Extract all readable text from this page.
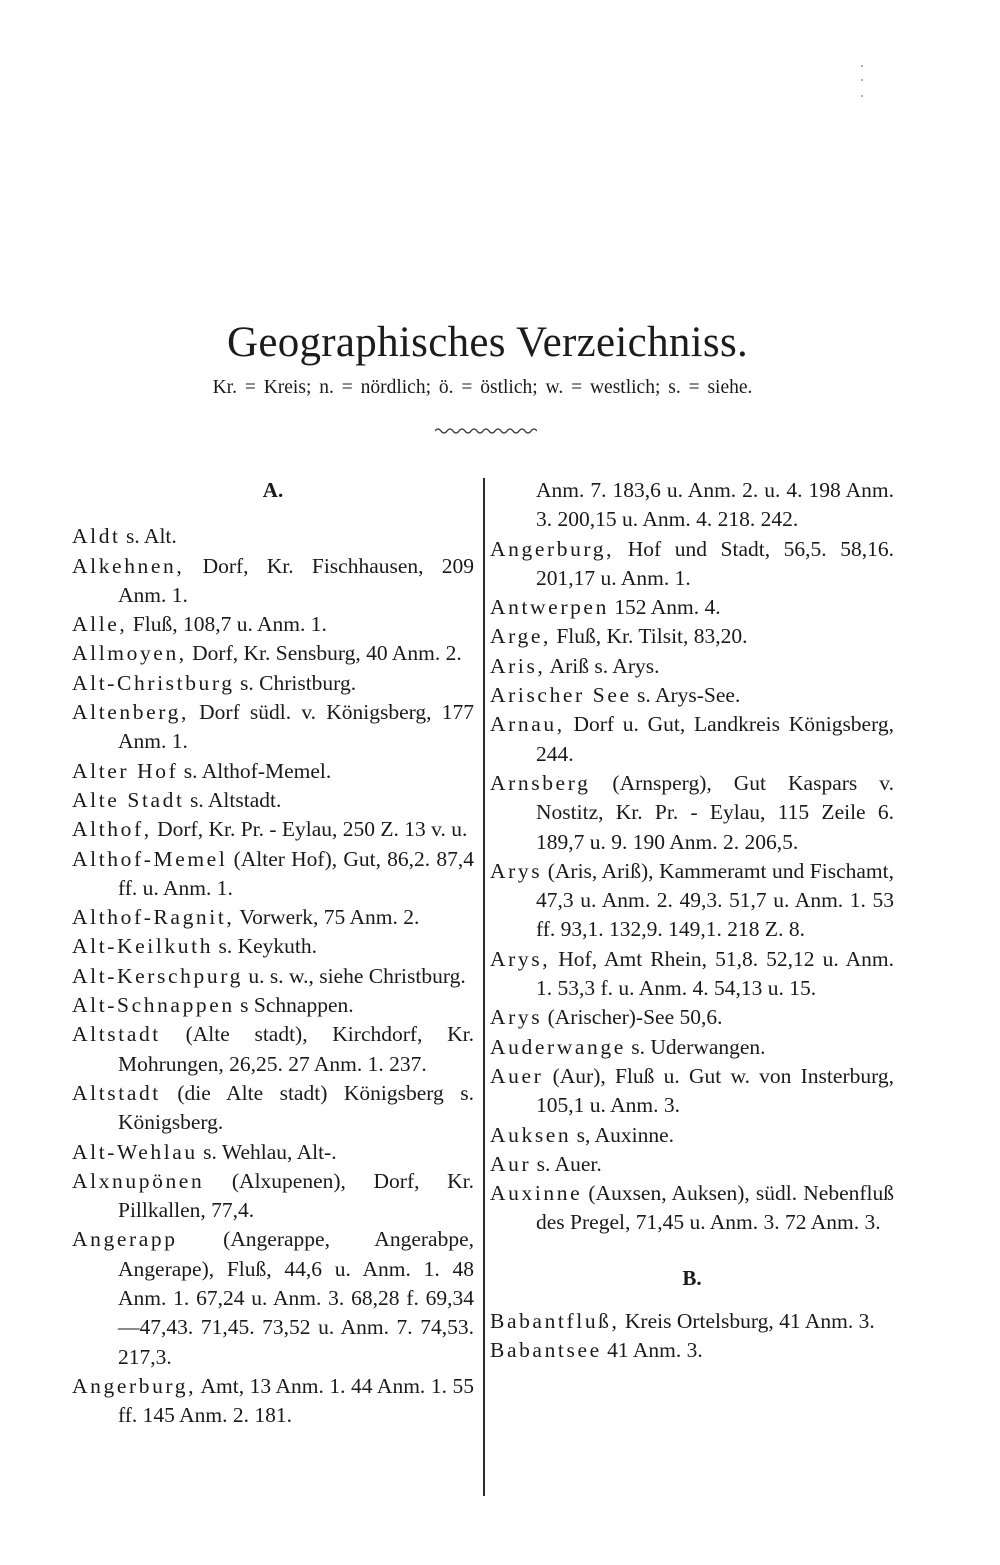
Geographisches Verzeichniss.
Kr. = Kreis; n. = nördlich; ö. = östlich; w. = westlich; s. = siehe.
A.

Aldt s. Alt.

Alkehnen, Dorf, Kr. Fischhausen, 209 Anm. 1.

Alle, Fluß, 108,7 u. Anm. 1.

Allmoyen, Dorf, Kr. Sensburg, 40 Anm. 2.

Alt-Christburg s. Christburg.

Altenberg, Dorf südl. v. Königsberg, 177 Anm. 1.

Alter Hof s. Althof-Memel.

Alte Stadt s. Altstadt.

Althof, Dorf, Kr. Pr. - Eylau, 250 Z. 13 v. u.

Althof-Memel (Alter Hof), Gut, 86,2. 87,4 ff. u. Anm. 1.

Althof-Ragnit, Vorwerk, 75 Anm. 2.

Alt-Keilkuth s. Keykuth.

Alt-Kerschpurg u. s. w., siehe Christburg.

Alt-Schnappen s Schnappen.

Altstadt (Alte stadt), Kirchdorf, Kr. Mohrungen, 26,25. 27 Anm. 1. 237.

Altstadt (die Alte stadt) Königsberg s. Königsberg.

Alt-Wehlau s. Wehlau, Alt-.

Alxnupönen (Alxupenen), Dorf, Kr. Pillkallen, 77,4.

Angerapp (Angerappe, Angerabpe, Angerape), Fluß, 44,6 u. Anm. 1. 48 Anm. 1. 67,24 u. Anm. 3. 68,28 f. 69,34—47,43. 71,45. 73,52 u. Anm. 7. 74,53. 217,3.

Angerburg, Amt, 13 Anm. 1. 44 Anm. 1. 55 ff. 145 Anm. 2. 181.

Anm. 7. 183,6 u. Anm. 2. u. 4. 198 Anm. 3. 200,15 u. Anm. 4. 218. 242.

Angerburg, Hof und Stadt, 56,5. 58,16. 201,17 u. Anm. 1.

Antwerpen 152 Anm. 4.

Arge, Fluß, Kr. Tilsit, 83,20.

Aris, Ariß s. Arys.

Arischer See s. Arys-See.

Arnau, Dorf u. Gut, Landkreis Königsberg, 244.

Arnsberg (Arnsperg), Gut Kaspars v. Nostitz, Kr. Pr. - Eylau, 115 Zeile 6. 189,7 u. 9. 190 Anm. 2. 206,5.

Arys (Aris, Ariß), Kammeramt und Fischamt, 47,3 u. Anm. 2. 49,3. 51,7 u. Anm. 1. 53 ff. 93,1. 132,9. 149,1. 218 Z. 8.

Arys, Hof, Amt Rhein, 51,8. 52,12 u. Anm. 1. 53,3 f. u. Anm. 4. 54,13 u. 15.

Arys (Arischer)-See 50,6.

Auderwange s. Uderwangen.

Auer (Aur), Fluß u. Gut w. von Insterburg, 105,1 u. Anm. 3.

Auksen s, Auxinne.

Aur s. Auer.

Auxinne (Auxsen, Auksen), südl. Nebenfluß des Pregel, 71,45 u. Anm. 3. 72 Anm. 3.

B.

Babantfluß, Kreis Ortelsburg, 41 Anm. 3.

Babantsee 41 Anm. 3.
